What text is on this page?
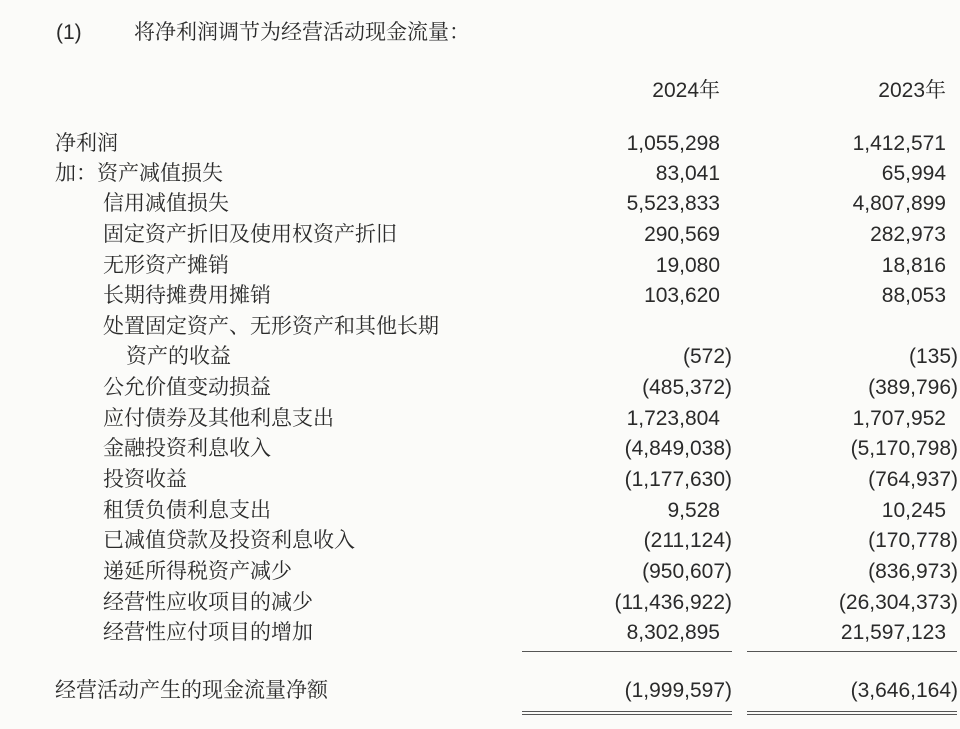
(1) 将净利润调节为经营活动现金流量：
2024年	2023年
净利润	1,055,298	1,412,571
加：资产减值损失	83,041	65,994
信用减值损失	5,523,833	4,807,899
固定资产折旧及使用权资产折旧	290,569	282,973
无形资产摊销	19,080	18,816
长期待摊费用摊销	103,620	88,053
处置固定资产、无形资产和其他长期
资产的收益	(572)	(135)
公允价值变动损益	(485,372)	(389,796)
应付债券及其他利息支出	1,723,804	1,707,952
金融投资利息收入	(4,849,038)	(5,170,798)
投资收益	(1,177,630)	(764,937)
租赁负债利息支出	9,528	10,245
已减值贷款及投资利息收入	(211,124)	(170,778)
递延所得税资产减少	(950,607)	(836,973)
经营性应收项目的减少	(11,436,922)	(26,304,373)
经营性应付项目的增加	8,302,895	21,597,123
经营活动产生的现金流量净额	(1,999,597)	(3,646,164)
